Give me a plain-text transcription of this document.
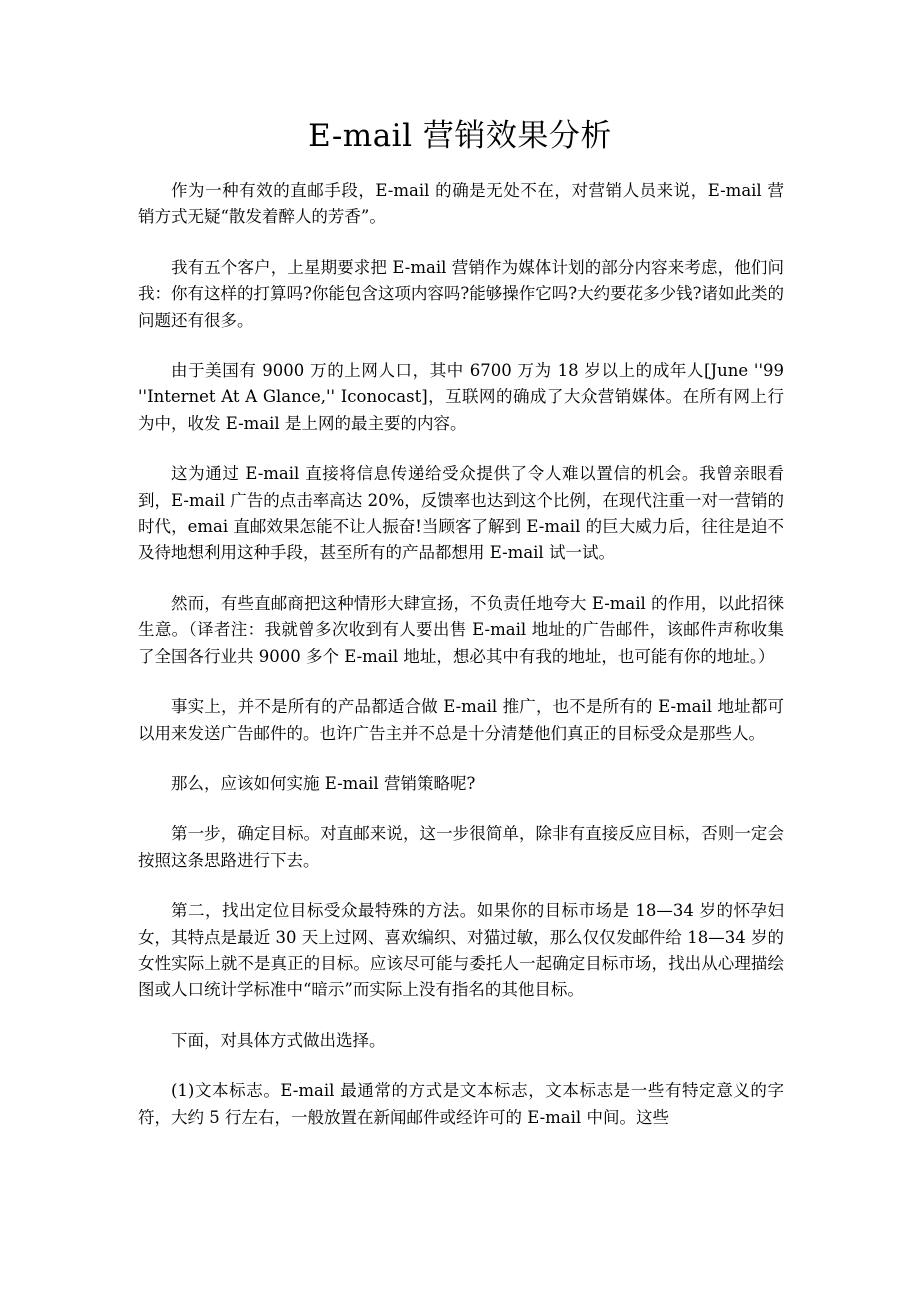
E-mail 营销效果分析

作为一种有效的直邮手段，E-mail 的确是无处不在，对营销人员来说，E-mail 营销方式无疑“散发着醉人的芳香”。

我有五个客户，上星期要求把 E-mail 营销作为媒体计划的部分内容来考虑，他们问我：你有这样的打算吗?你能包含这项内容吗?能够操作它吗?大约要花多少钱?诸如此类的问题还有很多。

由于美国有 9000 万的上网人口，其中 6700 万为 18 岁以上的成年人[June ''99 ''Internet At A Glance,'' Iconocast]，互联网的确成了大众营销媒体。在所有网上行为中，收发 E-mail 是上网的最主要的内容。

这为通过 E-mail 直接将信息传递给受众提供了令人难以置信的机会。我曾亲眼看到，E-mail 广告的点击率高达 20%，反馈率也达到这个比例，在现代注重一对一营销的时代，emai 直邮效果怎能不让人振奋!当顾客了解到 E-mail 的巨大威力后，往往是迫不及待地想利用这种手段，甚至所有的产品都想用 E-mail 试一试。

然而，有些直邮商把这种情形大肆宣扬，不负责任地夸大 E-mail 的作用，以此招徕生意。（译者注：我就曾多次收到有人要出售 E-mail 地址的广告邮件，该邮件声称收集了全国各行业共 9000 多个 E-mail 地址，想必其中有我的地址，也可能有你的地址。）

事实上，并不是所有的产品都适合做 E-mail 推广，也不是所有的 E-mail 地址都可以用来发送广告邮件的。也许广告主并不总是十分清楚他们真正的目标受众是那些人。

那么，应该如何实施 E-mail 营销策略呢?

第一步，确定目标。对直邮来说，这一步很简单，除非有直接反应目标，否则一定会按照这条思路进行下去。

第二，找出定位目标受众最特殊的方法。如果你的目标市场是 18—34 岁的怀孕妇女，其特点是最近 30 天上过网、喜欢编织、对猫过敏，那么仅仅发邮件给 18—34 岁的女性实际上就不是真正的目标。应该尽可能与委托人一起确定目标市场，找出从心理描绘图或人口统计学标准中“暗示”而实际上没有指名的其他目标。

下面，对具体方式做出选择。

(1)文本标志。E-mail 最通常的方式是文本标志，文本标志是一些有特定意义的字符，大约 5 行左右，一般放置在新闻邮件或经许可的 E-mail 中间。这些
